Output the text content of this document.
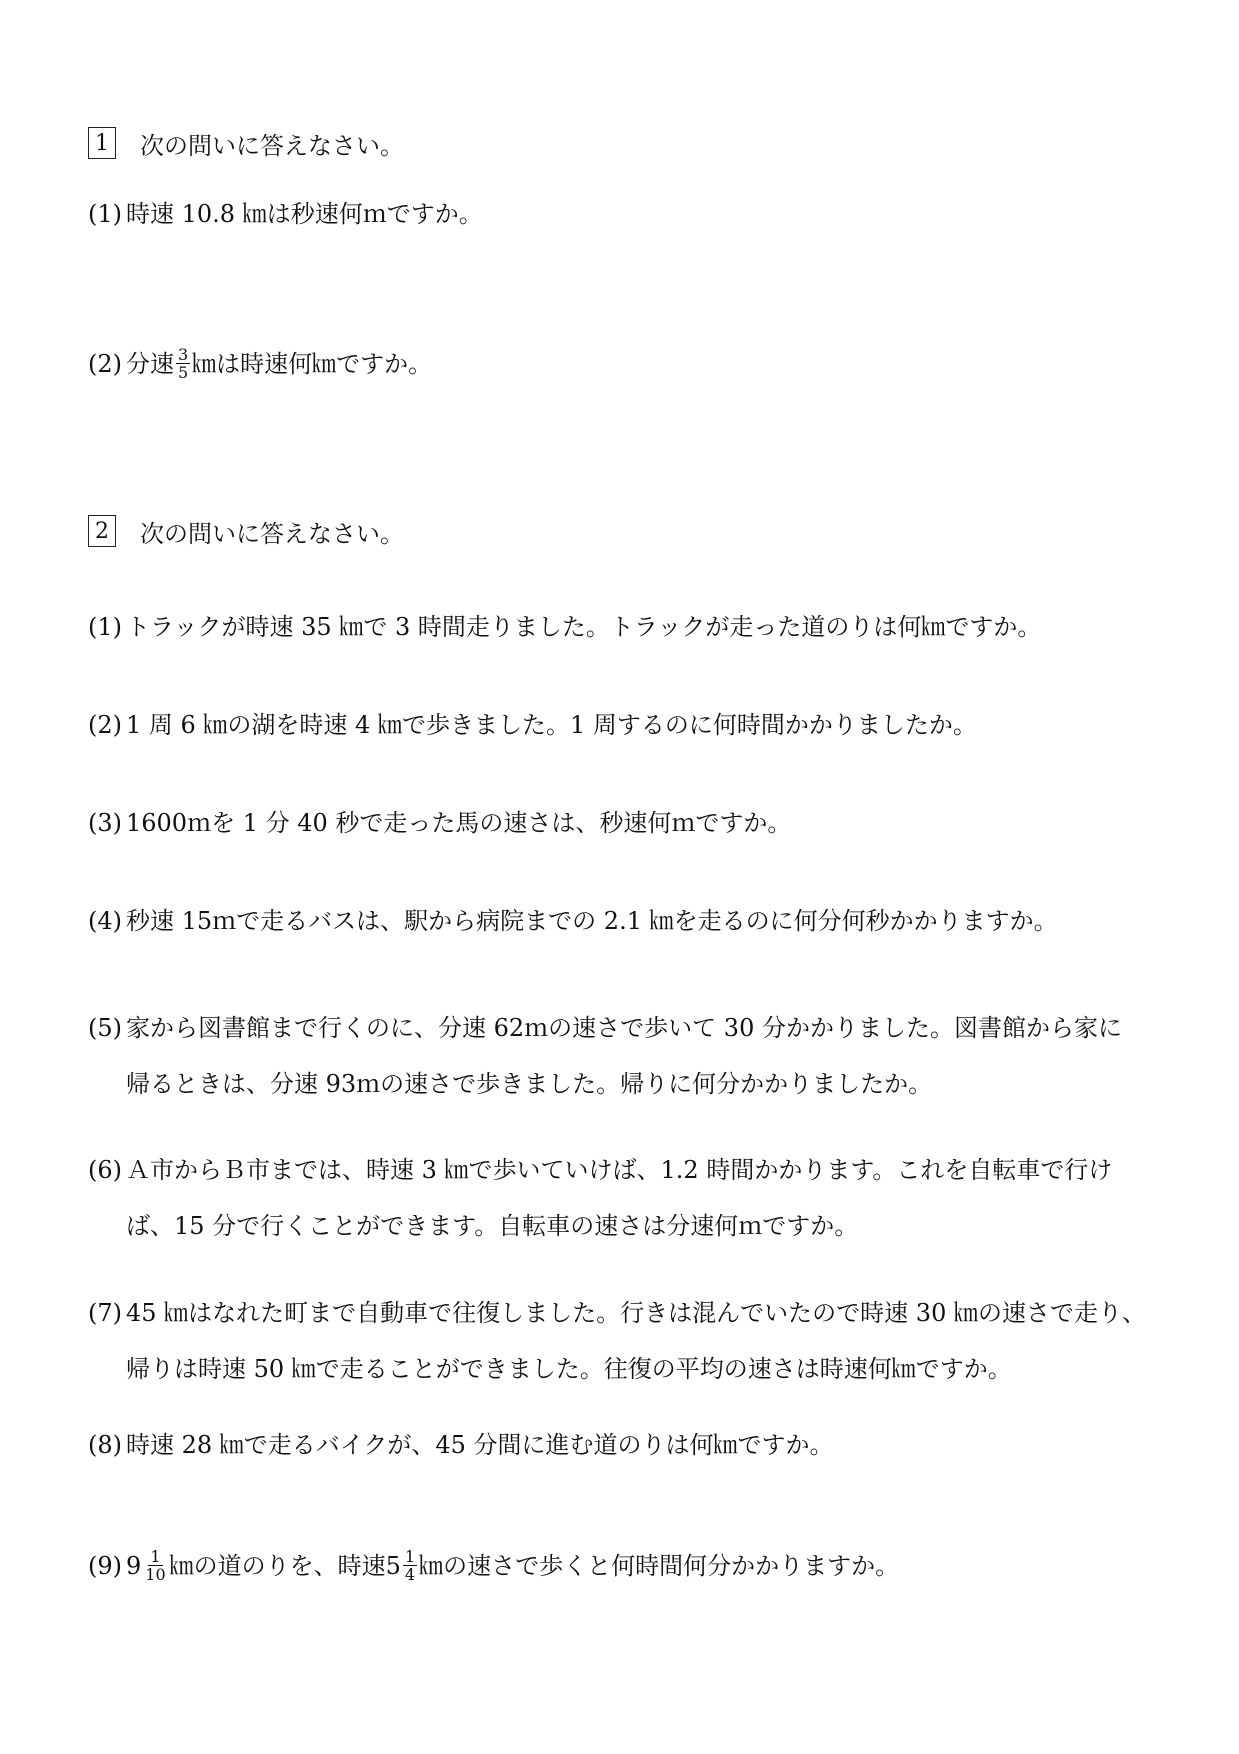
1 次の問いに答えなさい。
(1) 時速 10.8 ㎞は秒速何ｍですか。
(2) 分速 $\frac{3}{5}$ ㎞は時速何㎞ですか。
2 次の問いに答えなさい。
(1) トラックが時速 35 ㎞で 3 時間走りました。トラックが走った道のりは何㎞ですか。
(2) 1 周 6 ㎞の湖を時速 4 ㎞で歩きました。1 周するのに何時間かかりましたか。
(3) 1600ｍを 1 分 40 秒で走った馬の速さは、秒速何ｍですか。
(4) 秒速 15ｍで走るバスは、駅から病院までの 2.1 ㎞を走るのに何分何秒かかりますか。
(5) 家から図書館まで行くのに、分速 62ｍの速さで歩いて 30 分かかりました。図書館から家に
帰るときは、分速 93ｍの速さで歩きました。帰りに何分かかりましたか。
(6) Ａ市からＢ市までは、時速 3 ㎞で歩いていけば、1.2 時間かかります。これを自転車で行け
ば、15 分で行くことができます。自転車の速さは分速何ｍですか。
(7) 45 ㎞はなれた町まで自動車で往復しました。行きは混んでいたので時速 30 ㎞の速さで走り、
帰りは時速 50 ㎞で走ることができました。往復の平均の速さは時速何㎞ですか。
(8) 時速 28 ㎞で走るバイクが、45 分間に進む道のりは何㎞ですか。
(9) $9 \frac{1}{10}$ ㎞の道のりを、時速$5 \frac{1}{4}$ ㎞の速さで歩くと何時間何分かかりますか。
